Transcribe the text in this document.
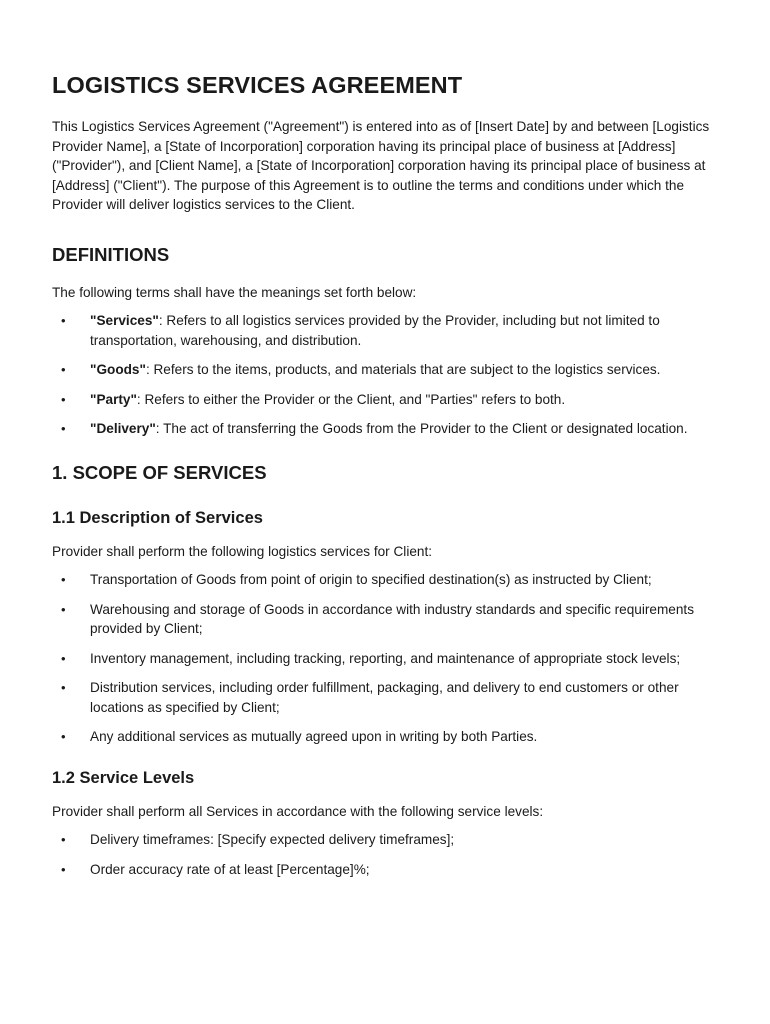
LOGISTICS SERVICES AGREEMENT

This Logistics Services Agreement ("Agreement") is entered into as of [Insert Date] by and between [Logistics Provider Name], a [State of Incorporation] corporation having its principal place of business at [Address] ("Provider"), and [Client Name], a [State of Incorporation] corporation having its principal place of business at [Address] ("Client"). The purpose of this Agreement is to outline the terms and conditions under which the Provider will deliver logistics services to the Client.

DEFINITIONS

The following terms shall have the meanings set forth below:

• "Services": Refers to all logistics services provided by the Provider, including but not limited to transportation, warehousing, and distribution.
• "Goods": Refers to the items, products, and materials that are subject to the logistics services.
• "Party": Refers to either the Provider or the Client, and "Parties" refers to both.
• "Delivery": The act of transferring the Goods from the Provider to the Client or designated location.
1. SCOPE OF SERVICES
1.1 Description of Services

Provider shall perform the following logistics services for Client:

• Transportation of Goods from point of origin to specified destination(s) as instructed by Client;
• Warehousing and storage of Goods in accordance with industry standards and specific requirements provided by Client;
• Inventory management, including tracking, reporting, and maintenance of appropriate stock levels;
• Distribution services, including order fulfillment, packaging, and delivery to end customers or other locations as specified by Client;
• Any additional services as mutually agreed upon in writing by both Parties.
1.2 Service Levels

Provider shall perform all Services in accordance with the following service levels:

• Delivery timeframes: [Specify expected delivery timeframes];
• Order accuracy rate of at least [Percentage]%;
